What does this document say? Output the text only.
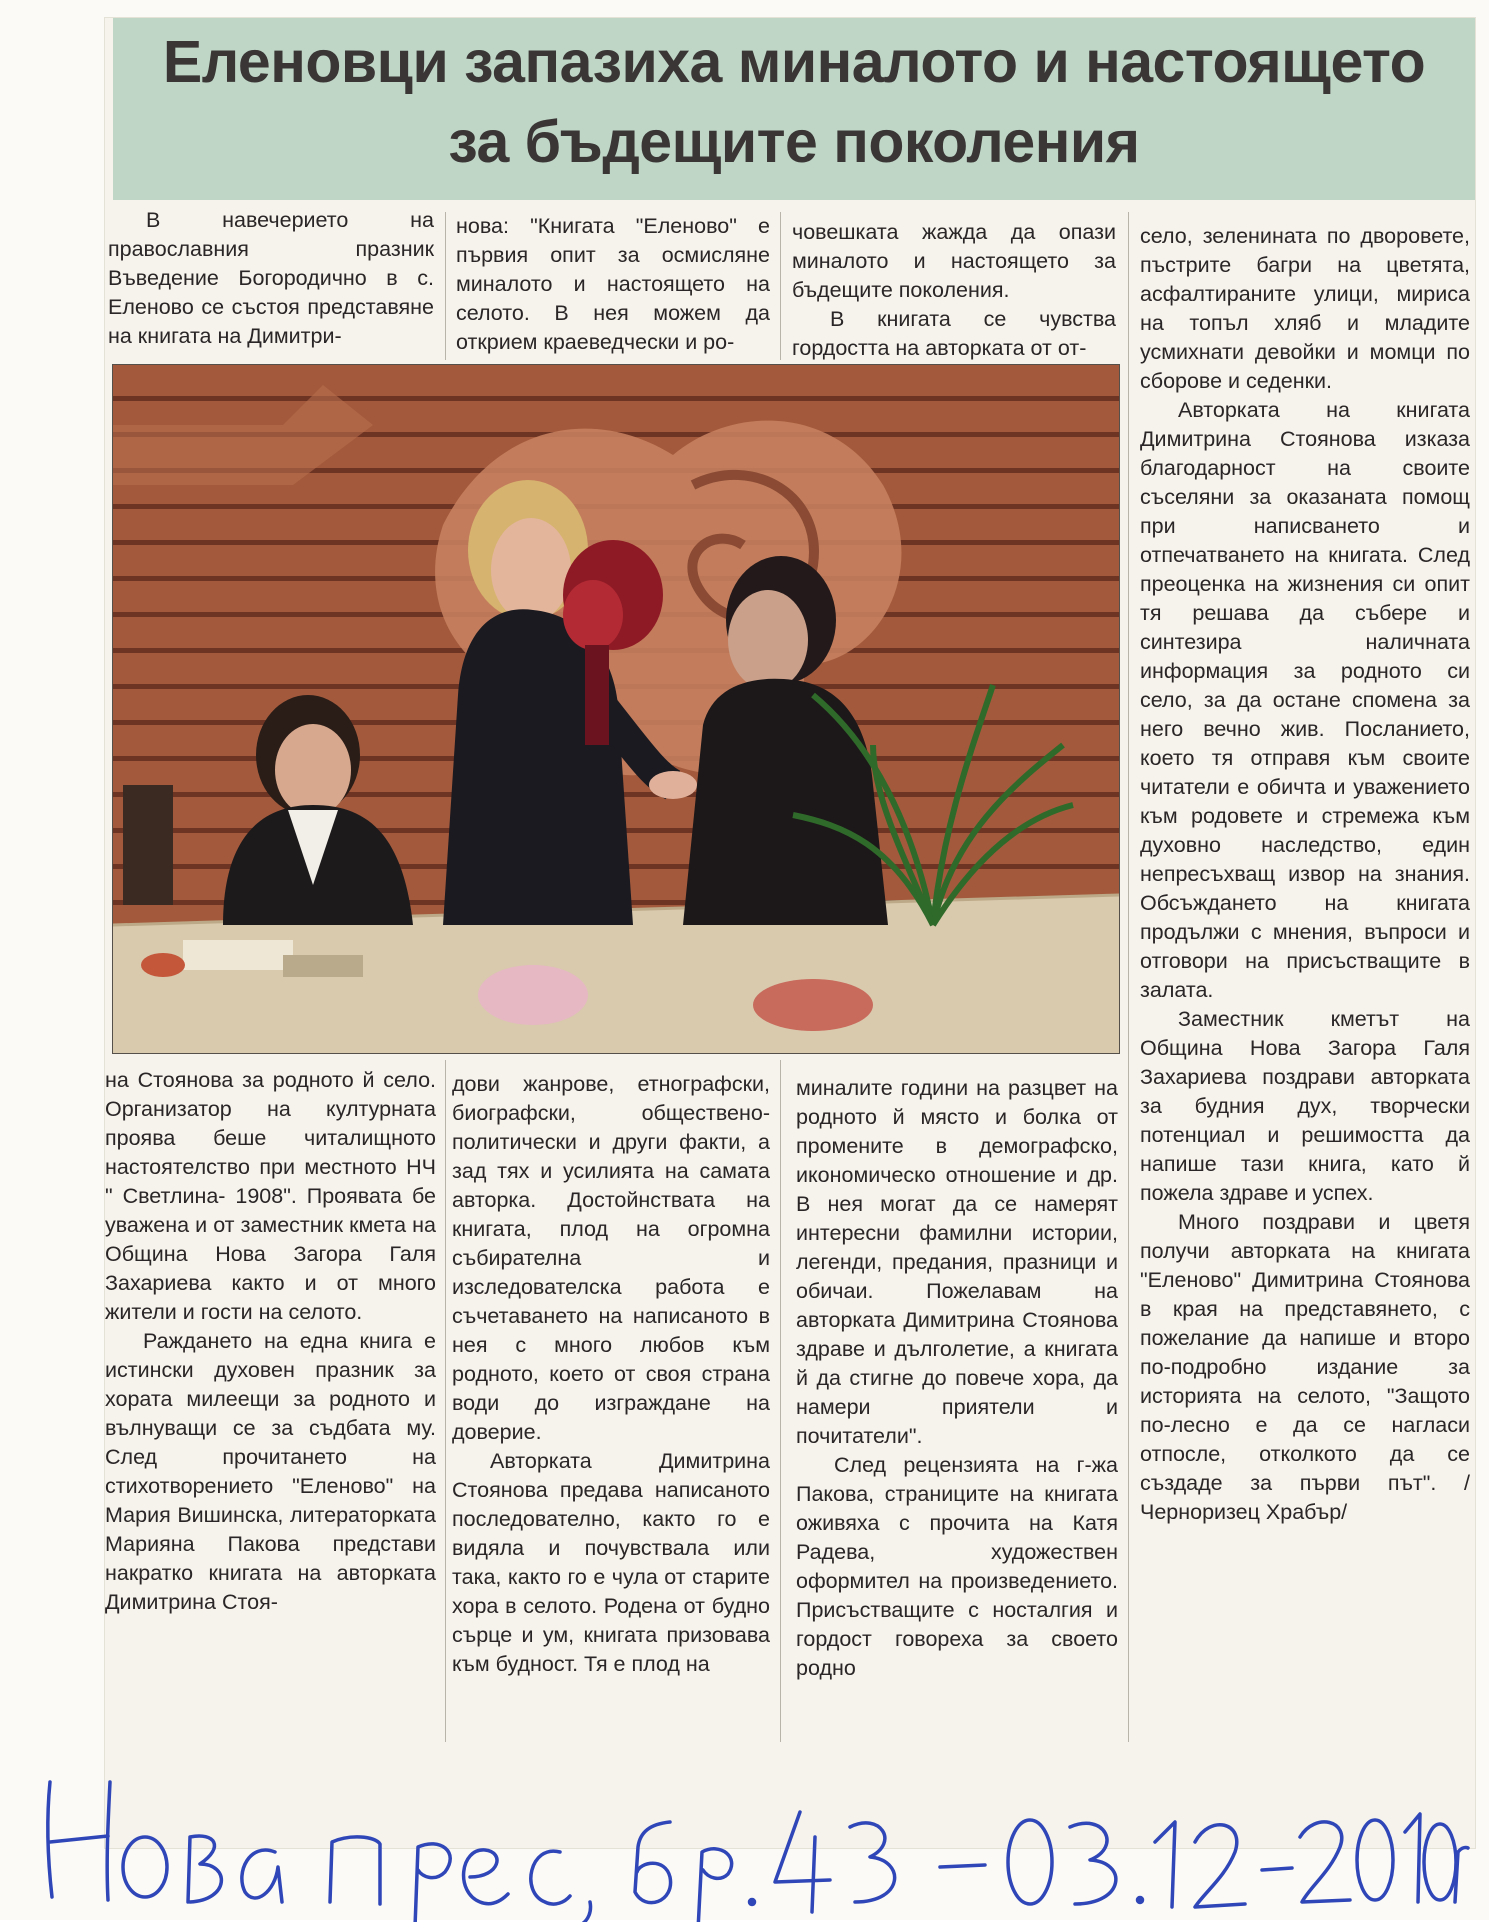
Еленовци запазиха миналото и настоящето
за бъдещите поколения

В навечерието на православния празник Въведение Богородично в с. Еленово се състоя представяне на книгата на Димитри-

нова: "Книгата "Еленово" е първия опит за осмисляне миналото и настоящето на селото. В нея можем да открием краеведчески и ро-

човешката жажда да опази миналото и настоящето за бъдещите поколения.

В книгата се чувства гордостта на авторката от от-

село, зеленината по дворовете, пъстрите багри на цветята, асфалтираните улици, мириса на топъл хляб и младите усмихнати девойки и момци по сборове и седенки.

Авторката на книгата Димитрина Стоянова изказа благодарност на своите съселяни за оказаната помощ при написването и отпечатването на книгата. След преоценка на жизнения си опит тя решава да събере и синтезира наличната информация за родното си село, за да остане спомена за него вечно жив. Посланието, което тя отправя към своите читатели е обичта и уважението към родовете и стремежа към духовно наследство, един непресъхващ извор на знания. Обсъждането на книгата продължи с мнения, въпроси и отговори на присъстващите в залата.

Заместник кметът на Община Нова Загора Галя Захариева поздрави авторката за будния дух, творчески потенциал и решимостта да напише тази книга, като й пожела здраве и успех.

Много поздрави и цветя получи авторката на книгата "Еленово" Димитрина Стоянова в края на представянето, с пожелание да напише и второ по-подробно издание за историята на селото, "Защото по-лесно е да се нагласи отпосле, отколкото да се създаде за първи път". / Черноризец Храбър/

на Стоянова за родното й село. Организатор на културната проява беше читалищното настоятелство при местното НЧ " Светлина- 1908". Проявата бе уважена и от заместник кмета на Община Нова Загора Галя Захариева както и от много жители и гости на селото.

Раждането на една книга е истински духовен празник за хората милеещи за родното и вълнуващи се за съдбата му. След прочитането на стихотворението "Еленово" на Мария Вишинска, литераторката Марияна Пакова представи накратко книгата на авторката Димитрина Стоя-

дови жанрове, етнографски, биографски, обществено-политически и други факти, а зад тях и усилията на самата авторка. Достойнствата на книгата, плод на огромна събирателна и изследователска работа е съчетаването на написаното в нея с много любов към родното, което от своя страна води до изграждане на доверие.

Авторката Димитрина Стоянова предава написаното последователно, както го е видяла и почувствала или така, както го е чула от старите хора в селото. Родена от будно сърце и ум, книгата призовава към будност. Тя е плод на

миналите години на разцвет на родното й място и болка от промените в демографско, икономическо отношение и др. В нея могат да се намерят интересни фамилни истории, легенди, предания, празници и обичаи. Пожелавам на авторката Димитрина Стоянова здраве и дълголетие, а книгата й да стигне до повече хора, да намери приятели и почитатели".

След рецензията на г-жа Пакова, страниците на книгата оживяха с прочита на Катя Радева, художествен оформител на произведението. Присъстващите с носталгия и гордост говореха за своето родно
